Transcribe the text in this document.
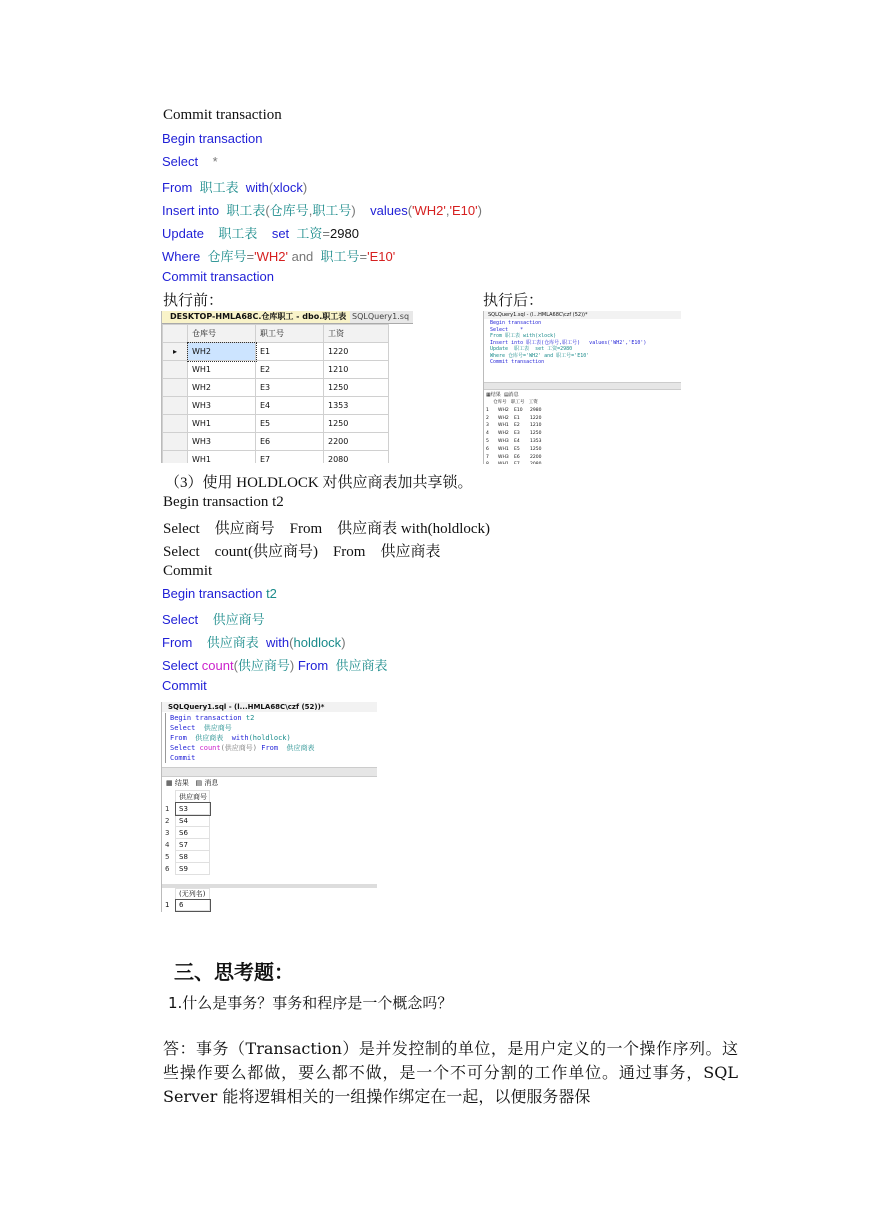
Commit transaction
Begin transaction
Select    *
From  职工表  with(xlock)
Insert into  职工表(仓库号,职工号)    values('WH2','E10')
Update    职工表    set  工资=2980
Where  仓库号='WH2' and  职工号='E10'
Commit transaction
执行前：	执行后：
DESKTOP-HMLA68C.仓库职工 - dbo.职工表 SQLQuery1.sq
	仓库号	职工号	工资
▸	WH2	E1	1220
	WH1	E2	1210
	WH2	E3	1250
	WH3	E4	1353
	WH1	E5	1250
	WH3	E6	2200
	WH1	E7	2080

SQLQuery1.sql - (l...HMLA68C\czf (52))*
Begin transaction
Select    *
From 职工表 with(xlock)
Insert into 职工表(仓库号,职工号)   values('WH2','E10')
Update  职工表  set 工资=2980
Where 仓库号='WH2' and 职工号='E10'
Commit transaction
▦结果 ▤消息
仓库号   职工号   工资
1 WH2 E10 2980
2 WH2 E1 1220
3 WH1 E2 1210
4 WH2 E3 1250
5 WH3 E4 1353
6 WH1 E5 1250
7 WH3 E6 2200
（3）使用 HOLDLOCK 对供应商表加共享锁。
Begin transaction t2
Select    供应商号    From    供应商表 with(holdlock)
Select    count(供应商号)    From    供应商表
Commit
Begin transaction t2
Select    供应商号
From    供应商表  with(holdlock)
Select count(供应商号) From  供应商表
Commit
SQLQuery1.sql - (l...HMLA68C\czf (52))*
Begin transaction t2
Select  供应商号
From  供应商表  with(holdlock)
Select count(供应商号) From  供应商表
Commit
▦ 结果 ▤ 消息
	供应商号
1	S3
2	S4
3	S6
4	S7
5	S8
6	S9
	(无列名)
1	6
三、思考题：
1.什么是事务？事务和程序是一个概念吗？
答：事务（Transaction）是并发控制的单位，是用户定义的一个操作序列。这些操作要么都做，要么都不做，是一个不可分割的工作单位。通过事务，SQL Server 能将逻辑相关的一组操作绑定在一起，以便服务器保
